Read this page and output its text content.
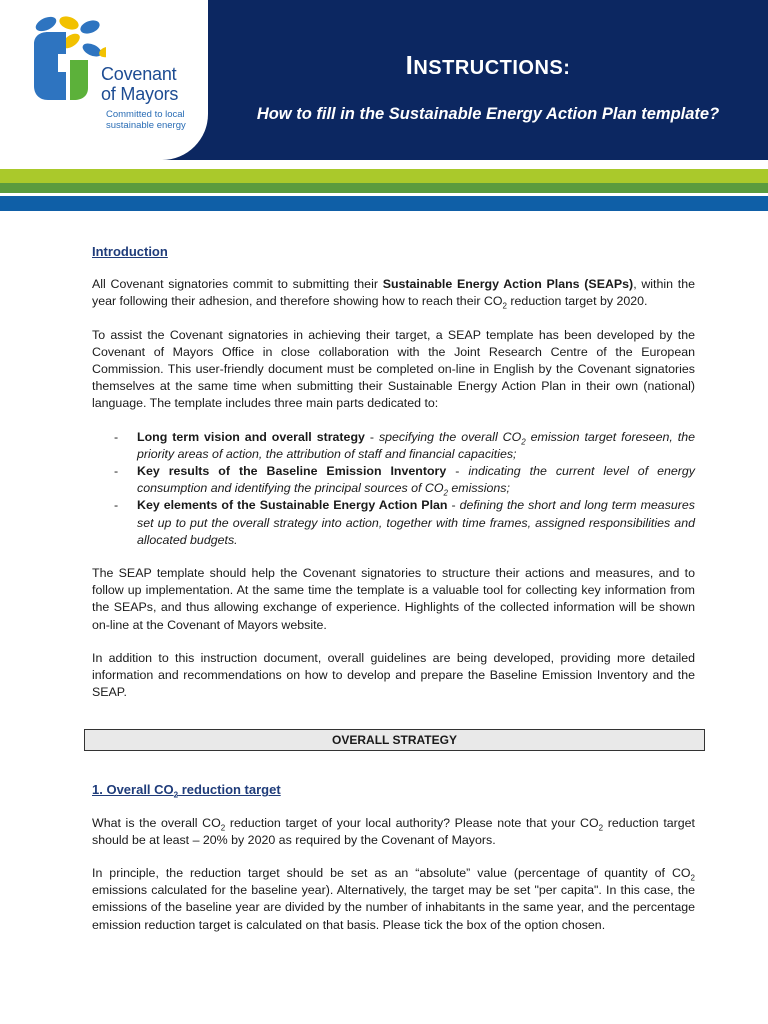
Covenant
of Mayors
Committed to local
sustainable energy
INSTRUCTIONS:
How to fill in the Sustainable Energy Action Plan template?
Introduction

All Covenant signatories commit to submitting their Sustainable Energy Action Plans (SEAPs), within the year following their adhesion, and therefore showing how to reach their $CO_2$ reduction target by 2020.

To assist the Covenant signatories in achieving their target, a SEAP template has been developed by the Covenant of Mayors Office in close collaboration with the Joint Research Centre of the European Commission. This user-friendly document must be completed on-line in English by the Covenant signatories themselves at the same time when submitting their Sustainable Energy Action Plan in their own (national) language. The template includes three main parts dedicated to:

- Long term vision and overall strategy - specifying the overall $CO_2$ emission target foreseen, the priority areas of action, the attribution of staff and financial capacities;
- Key results of the Baseline Emission Inventory - indicating the current level of energy consumption and identifying the principal sources of $CO_2$ emissions;
- Key elements of the Sustainable Energy Action Plan - defining the short and long term measures set up to put the overall strategy into action, together with time frames, assigned responsibilities and allocated budgets.

The SEAP template should help the Covenant signatories to structure their actions and measures, and to follow up implementation. At the same time the template is a valuable tool for collecting key information from the SEAPs, and thus allowing exchange of experience. Highlights of the collected information will be shown on-line at the Covenant of Mayors website.

In addition to this instruction document, overall guidelines are being developed, providing more detailed information and recommendations on how to develop and prepare the Baseline Emission Inventory and the SEAP.

OVERALL STRATEGY
1. Overall $CO_2$ reduction target

What is the overall $CO_2$ reduction target of your local authority? Please note that your $CO_2$ reduction target should be at least – 20% by 2020 as required by the Covenant of Mayors.

In principle, the reduction target should be set as an “absolute” value (percentage of quantity of $CO_2$ emissions calculated for the baseline year). Alternatively, the target may be set "per capita". In this case, the emissions of the baseline year are divided by the number of inhabitants in the same year, and the percentage emission reduction target is calculated on that basis. Please tick the box of the option chosen.
